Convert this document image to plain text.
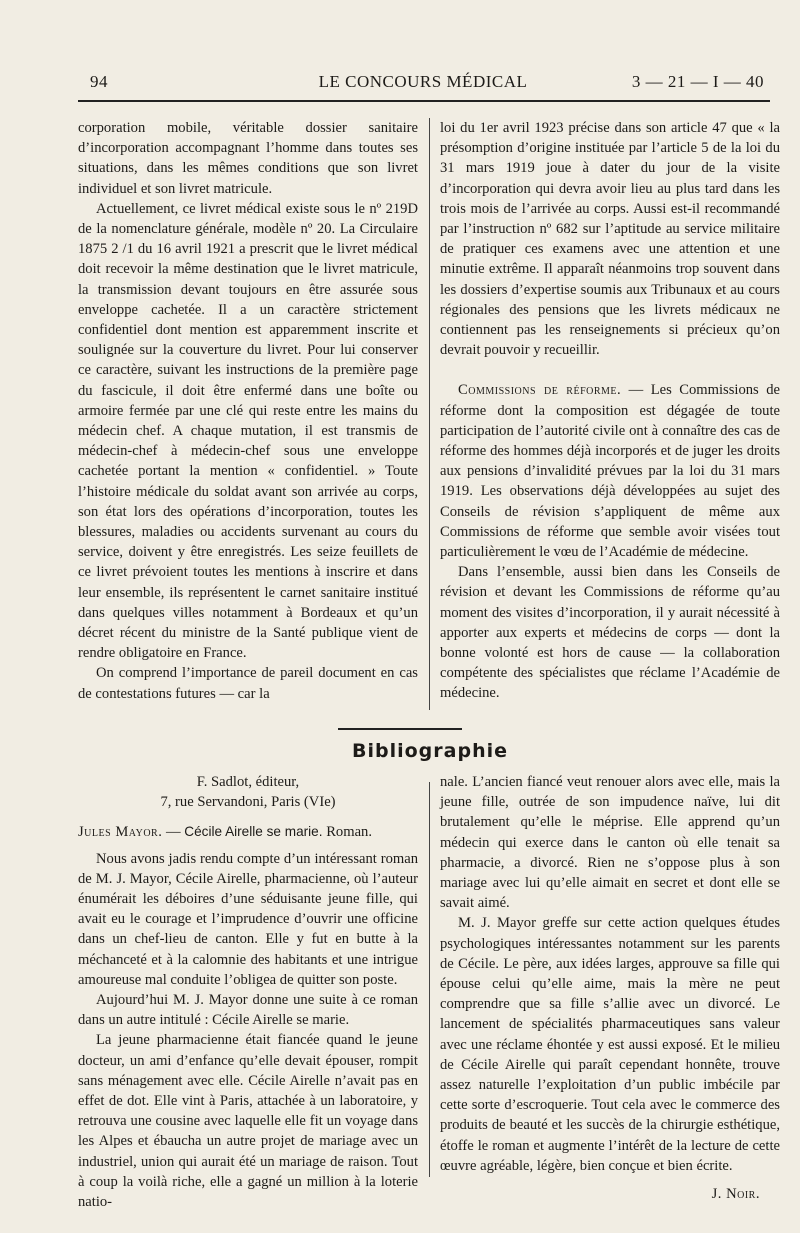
94	LE CONCOURS MÉDICAL	3 — 21 — I — 40

corporation mobile, véritable dossier sanitaire d’incorporation accompagnant l’homme dans toutes ses situations, dans les mêmes conditions que son livret individuel et son livret matricule.

Actuellement, ce livret médical existe sous le nº 219D de la nomenclature générale, modèle nº 20. La Circulaire 1875 2 /1 du 16 avril 1921 a prescrit que le livret médical doit recevoir la même destination que le livret matricule, la transmission devant toujours en être assurée sous enveloppe cachetée. Il a un caractère strictement confidentiel dont mention est apparemment inscrite et soulignée sur la couverture du livret. Pour lui conserver ce caractère, suivant les instructions de la première page du fascicule, il doit être enfermé dans une boîte ou armoire fermée par une clé qui reste entre les mains du médecin chef. A chaque mutation, il est transmis de médecin-chef à médecin-chef sous une enveloppe cachetée portant la mention « confidentiel. » Toute l’histoire médicale du soldat avant son arrivée au corps, son état lors des opérations d’incorporation, toutes les blessures, maladies ou accidents survenant au cours du service, doivent y être enregistrés. Les seize feuillets de ce livret prévoient toutes les mentions à inscrire et dans leur ensemble, ils représentent le carnet sanitaire institué dans quelques villes notamment à Bordeaux et qu’un décret récent du ministre de la Santé publique vient de rendre obligatoire en France.

On comprend l’importance de pareil document en cas de contestations futures — car la

loi du 1er avril 1923 précise dans son article 47 que « la présomption d’origine instituée par l’article 5 de la loi du 31 mars 1919 joue à dater du jour de la visite d’incorporation qui devra avoir lieu au plus tard dans les trois mois de l’arrivée au corps. Aussi est-il recommandé par l’instruction nº 682 sur l’aptitude au service militaire de pratiquer ces examens avec une attention et une minutie extrême. Il apparaît néanmoins trop souvent dans les dossiers d’expertise soumis aux Tribunaux et au cours régionales des pensions que les livrets médicaux ne contiennent pas les renseignements si précieux qu’on devrait pouvoir y recueillir.

Commissions de réforme. — Les Commissions de réforme dont la composition est dégagée de toute participation de l’autorité civile ont à connaître des cas de réforme des hommes déjà incorporés et de juger les droits aux pensions d’invalidité prévues par la loi du 31 mars 1919. Les observations déjà développées au sujet des Conseils de révision s’appliquent de même aux Commissions de réforme que semble avoir visées tout particulièrement le vœu de l’Académie de médecine.

Dans l’ensemble, aussi bien dans les Conseils de révision et devant les Commissions de réforme qu’au moment des visites d’incorporation, il y aurait nécessité à apporter aux experts et médecins de corps — dont la bonne volonté est hors de cause — la collaboration compétente des spécialistes que réclame l’Académie de médecine.

Bibliographie

F. Sadlot, éditeur,

7, rue Servandoni, Paris (VIe)

Jules Mayor. — Cécile Airelle se marie. Roman.

Nous avons jadis rendu compte d’un intéressant roman de M. J. Mayor, Cécile Airelle, pharmacienne, où l’auteur énumérait les déboires d’une séduisante jeune fille, qui avait eu le courage et l’imprudence d’ouvrir une officine dans un chef-lieu de canton. Elle y fut en butte à la méchanceté et à la calomnie des habitants et une intrigue amoureuse mal conduite l’obligea de quitter son poste.

Aujourd’hui M. J. Mayor donne une suite à ce roman dans un autre intitulé : Cécile Airelle se marie.

La jeune pharmacienne était fiancée quand le jeune docteur, un ami d’enfance qu’elle devait épouser, rompit sans ménagement avec elle. Cécile Airelle n’avait pas en effet de dot. Elle vint à Paris, attachée à un laboratoire, y retrouva une cousine avec laquelle elle fit un voyage dans les Alpes et ébaucha un autre projet de mariage avec un industriel, union qui aurait été un mariage de raison. Tout à coup la voilà riche, elle a gagné un million à la loterie natio-

nale. L’ancien fiancé veut renouer alors avec elle, mais la jeune fille, outrée de son impudence naïve, lui dit brutalement qu’elle le méprise. Elle apprend qu’un médecin qui exerce dans le canton où elle tenait sa pharmacie, a divorcé. Rien ne s’oppose plus à son mariage avec lui qu’elle aimait en secret et dont elle se savait aimé.

M. J. Mayor greffe sur cette action quelques études psychologiques intéressantes notamment sur les parents de Cécile. Le père, aux idées larges, approuve sa fille qui épouse celui qu’elle aime, mais la mère ne peut comprendre que sa fille s’allie avec un divorcé. Le lancement de spécialités pharmaceutiques sans valeur avec une réclame éhontée y est aussi exposé. Et le milieu de Cécile Airelle qui paraît cependant honnête, trouve assez naturelle l’exploitation d’un public imbécile par cette sorte d’escroquerie. Tout cela avec le commerce des produits de beauté et les succès de la chirurgie esthétique, étoffe le roman et augmente l’intérêt de la lecture de cette œuvre agréable, légère, bien conçue et bien écrite.

J. Noir.
